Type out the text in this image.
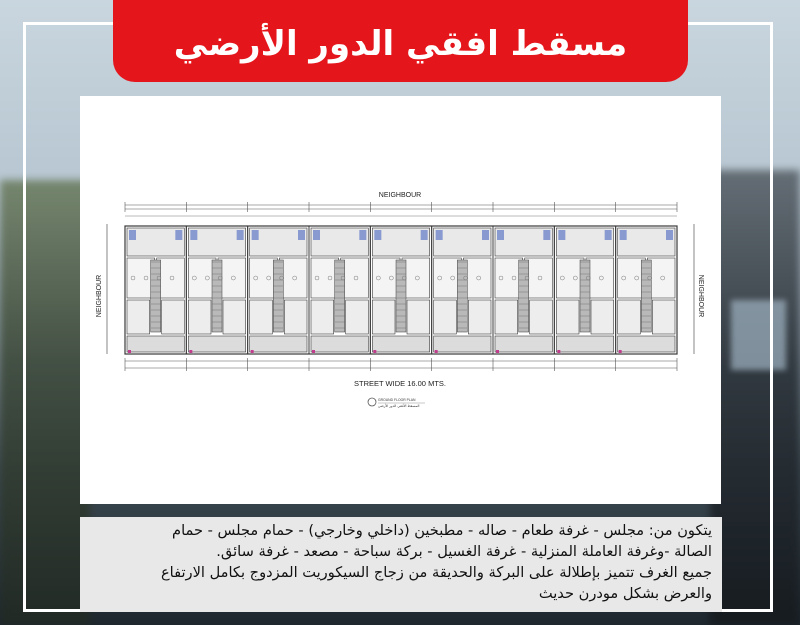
مسقط افقي الدور الأرضي
NEIGHBOUR
NEIGHBOUR	NEIGHBOUR
STREET WIDE 16.00 MTS.
GROUND FLOOR PLAN
المسقط الأفقي الدور الأرضي
يتكون من: مجلس - غرفة طعام - صاله - مطبخين (داخلي وخارجي) - حمام مجلس - حمام
الصالة -وغرفة العاملة المنزلية - غرفة الغسيل - بركة سباحة - مصعد - غرفة سائق.
جميع الغرف تتميز بإطلالة على البركة والحديقة من زجاج السيكوريت المزدوج بكامل الارتفاع
والعرض بشكل مودرن حديث
